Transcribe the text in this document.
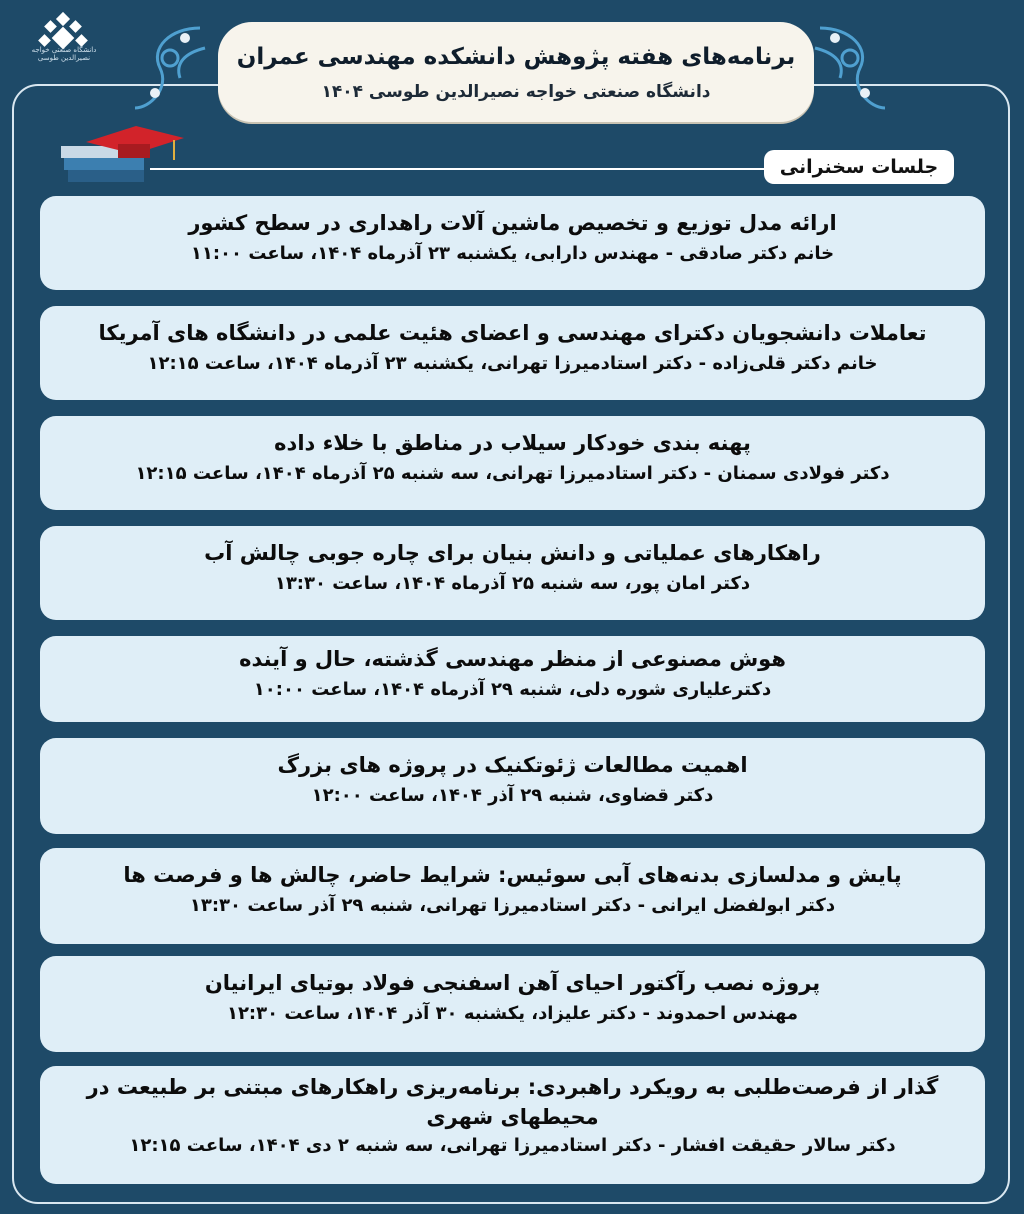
دانشگاه صنعتی خواجه نصیرالدین طوسی	برنامه‌های هفته پژوهش دانشکده مهندسی عمران
دانشگاه صنعتی خواجه نصیرالدین طوسی ۱۴۰۴
جلسات سخنرانی
ارائه مدل توزیع و تخصیص ماشین آلات راهداری در سطح کشور
خانم دکتر صادقی - مهندس دارابی، یکشنبه ۲۳ آذرماه ۱۴۰۴، ساعت ۱۱:۰۰
تعاملات دانشجویان دکترای مهندسی و اعضای هئیت علمی در دانشگاه های آمریکا
خانم دکتر قلی‌زاده - دکتر استادمیرزا تهرانی، یکشنبه ۲۳ آذرماه ۱۴۰۴، ساعت ۱۲:۱۵
پهنه بندی خودکار سیلاب در مناطق با خلاء داده
دکتر فولادی سمنان - دکتر استادمیرزا تهرانی، سه شنبه ۲۵ آذرماه ۱۴۰۴، ساعت ۱۲:۱۵
راهکارهای عملیاتی و دانش بنیان برای چاره جوبی چالش آب
دکتر امان پور، سه شنبه ۲۵ آذرماه ۱۴۰۴، ساعت ۱۳:۳۰
هوش مصنوعی از منظر مهندسی گذشته، حال و آینده
دکترعلیاری شوره دلی، شنبه ۲۹ آذرماه ۱۴۰۴، ساعت ۱۰:۰۰
اهمیت مطالعات ژئوتکنیک در پروژه های بزرگ
دکتر قضاوی، شنبه ۲۹ آذر ۱۴۰۴، ساعت ۱۲:۰۰
پایش و مدلسازی بدنه‌های آبی سوئیس: شرایط حاضر، چالش ها و فرصت ها
دکتر ابولفضل ایرانی - دکتر استادمیرزا تهرانی، شنبه ۲۹ آذر ساعت ۱۳:۳۰
پروژه نصب رآکتور احیای آهن اسفنجی فولاد بوتیای ایرانیان
مهندس احمدوند - دکتر علیزاد، یکشنبه ۳۰ آذر ۱۴۰۴، ساعت ۱۲:۳۰
گذار از فرصت‌طلبی به رویکرد راهبردی: برنامه‌ریزی راهکارهای مبتنی بر طبیعت در محیطهای شهری
دکتر سالار حقیقت افشار - دکتر استادمیرزا تهرانی، سه شنبه ۲ دی ۱۴۰۴، ساعت ۱۲:۱۵
